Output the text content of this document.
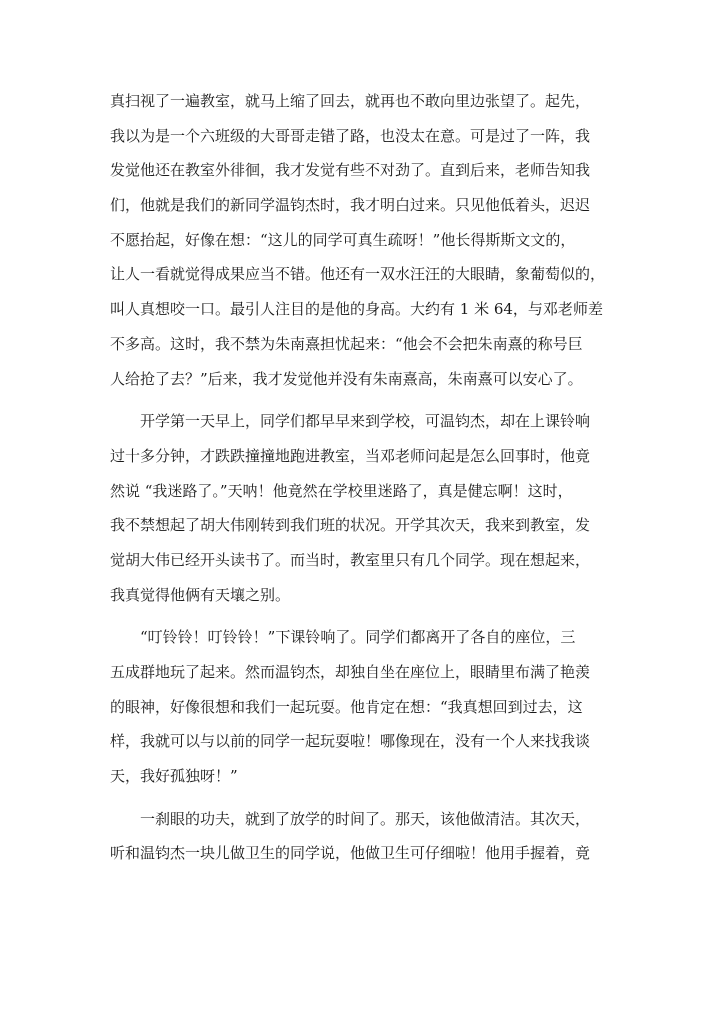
真扫视了一遍教室，就马上缩了回去，就再也不敢向里边张望了。起先，
我以为是一个六班级的大哥哥走错了路，也没太在意。可是过了一阵，我
发觉他还在教室外徘徊，我才发觉有些不对劲了。直到后来，老师告知我
们，他就是我们的新同学温钧杰时，我才明白过来。只见他低着头，迟迟
不愿抬起，好像在想：“这儿的同学可真生疏呀！”他长得斯斯文文的，
让人一看就觉得成果应当不错。他还有一双水汪汪的大眼睛，象葡萄似的，
叫人真想咬一口。最引人注目的是他的身高。大约有 1 米 64，与邓老师差
不多高。这时，我不禁为朱南熹担忧起来：“他会不会把朱南熹的称号巨
人给抢了去？”后来，我才发觉他并没有朱南熹高，朱南熹可以安心了。
开学第一天早上，同学们都早早来到学校，可温钧杰，却在上课铃响
过十多分钟，才跌跌撞撞地跑进教室，当邓老师问起是怎么回事时，他竟
然说 “我迷路了。”天呐！他竟然在学校里迷路了，真是健忘啊！这时，
我不禁想起了胡大伟刚转到我们班的状况。开学其次天，我来到教室，发
觉胡大伟已经开头读书了。而当时，教室里只有几个同学。现在想起来，
我真觉得他俩有天壤之别。
“叮铃铃！叮铃铃！”下课铃响了。同学们都离开了各自的座位，三
五成群地玩了起来。然而温钧杰，却独自坐在座位上，眼睛里布满了艳羡
的眼神，好像很想和我们一起玩耍。他肯定在想：“我真想回到过去，这
样，我就可以与以前的同学一起玩耍啦！哪像现在，没有一个人来找我谈
天，我好孤独呀！”
一刹眼的功夫，就到了放学的时间了。那天，该他做清洁。其次天，
听和温钧杰一块儿做卫生的同学说，他做卫生可仔细啦！他用手握着，竟
